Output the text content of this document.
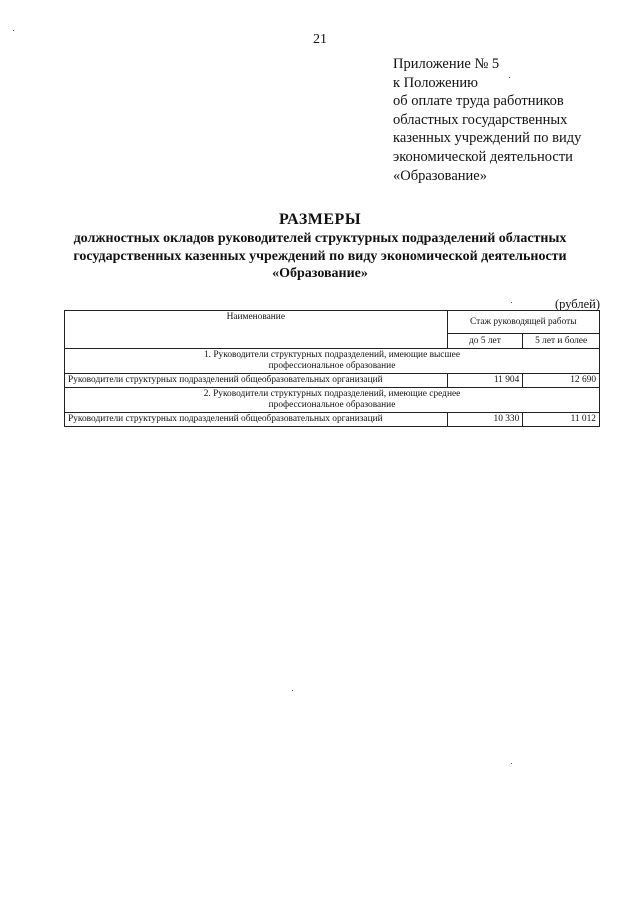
21
Приложение № 5
к Положению
об оплате труда работников
областных государственных
казенных учреждений по виду
экономической деятельности
«Образование»
РАЗМЕРЫ
должностных окладов руководителей структурных подразделений областных
государственных казенных учреждений по виду экономической деятельности
«Образование»
(рублей)
Наименование	Стаж руководящей работы	
	до 5 лет	5 лет и более

1. Руководители структурных подразделений, имеющие высшее
профессиональное образование		

Руководители структурных подразделений общеобразовательных организаций	11 904	12 690

2. Руководители структурных подразделений, имеющие среднее
профессиональное образование		

Руководители структурных подразделений общеобразовательных организаций	10 330	11 012
